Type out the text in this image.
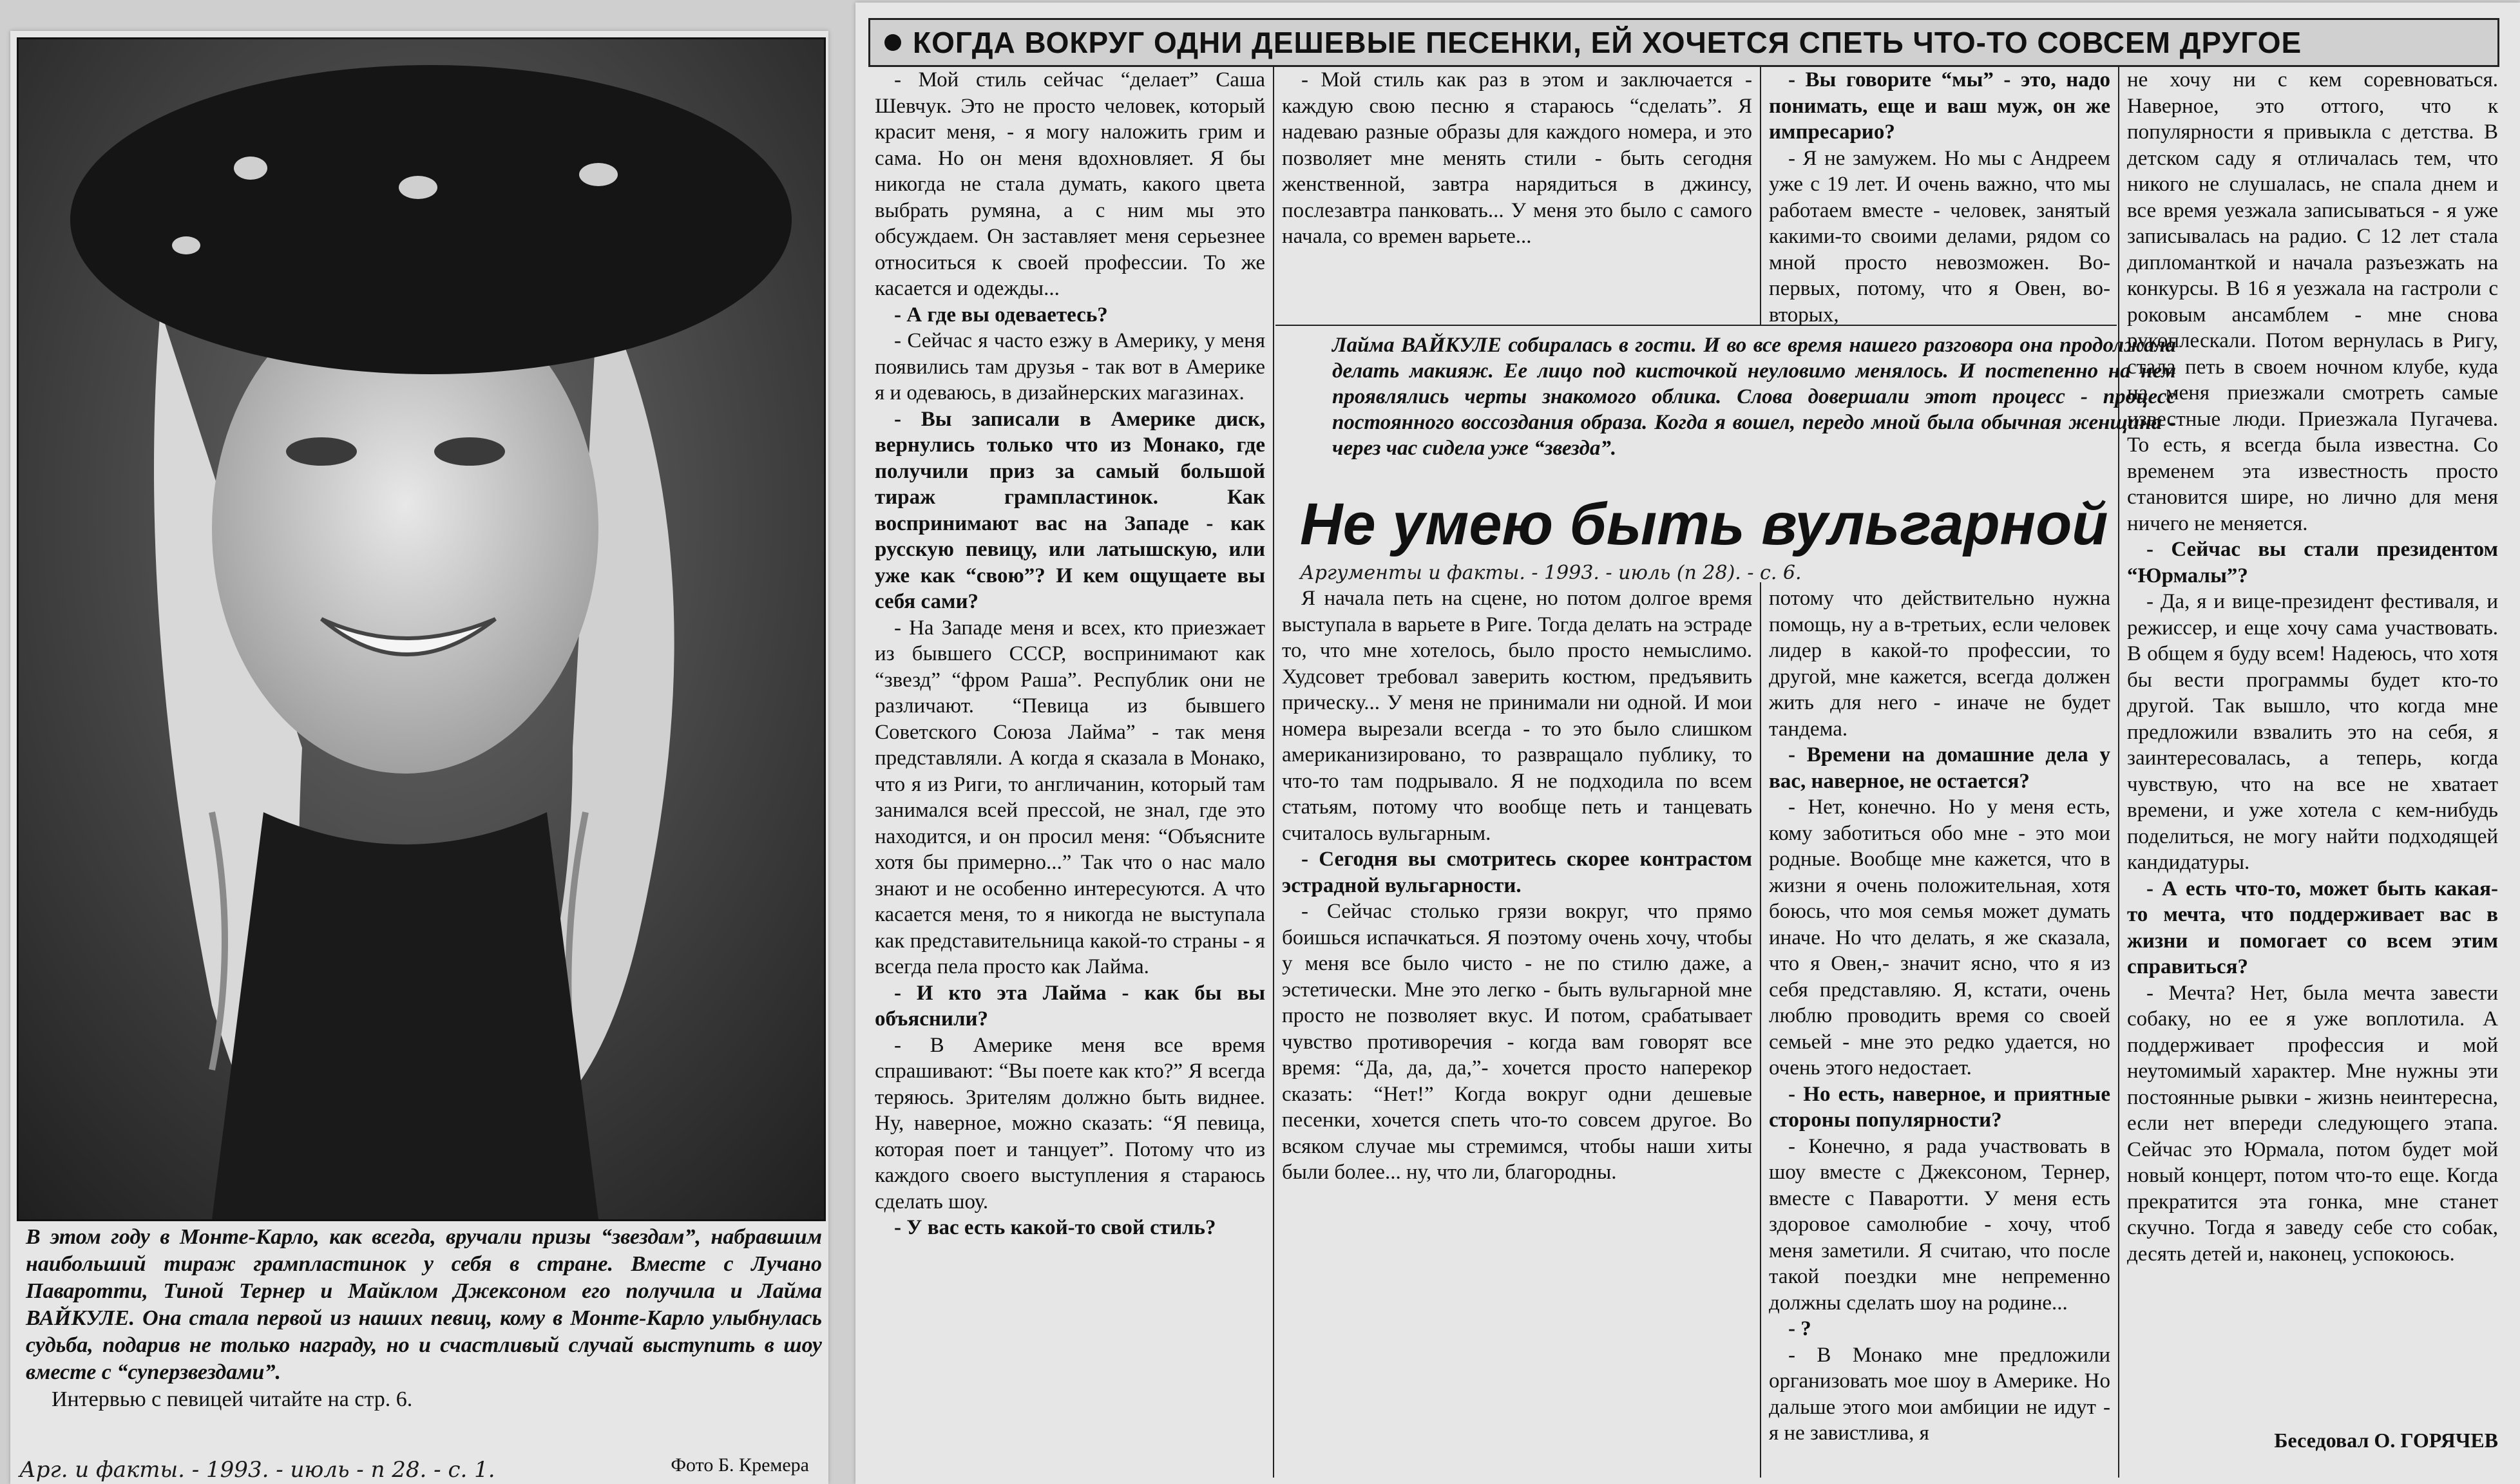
В этом году в Монте-Карло, как всегда, вручали призы “звездам”, набравшим наибольший тираж грампластинок у себя в стране. Вместе с Лучано Паваротти, Тиной Тернер и Майклом Джексоном его получила и Лайма ВАЙКУЛЕ. Она стала первой из наших певиц, кому в Монте-Карло улыбнулась судьба, подарив не только награду, но и счастливый случай выступить в шоу вместе с “суперзвездами”.
Интервью с певицей читайте на стр. 6.
Фото Б. Кремера
Арг. и факты. - 1993. - июль - n 28. - с. 1.
КОГДА ВОКРУГ ОДНИ ДЕШЕВЫЕ ПЕСЕНКИ, ЕЙ ХОЧЕТСЯ СПЕТЬ ЧТО-ТО СОВСЕМ ДРУГОЕ

- Мой стиль сейчас “делает” Саша Шевчук. Это не просто человек, который красит меня, - я могу наложить грим и сама. Но он меня вдохновляет. Я бы никогда не стала думать, какого цвета выбрать румяна, а с ним мы это обсуждаем. Он заставляет меня серьезнее относиться к своей профессии. То же касается и одежды...

- А где вы одеваетесь?

- Сейчас я часто езжу в Америку, у меня появились там друзья - так вот в Америке я и одеваюсь, в дизайнерских магазинах.

- Вы записали в Америке диск, вернулись только что из Монако, где получили приз за самый большой тираж грампластинок. Как воспринимают вас на Западе - как русскую певицу, или латышскую, или уже как “свою”? И кем ощущаете вы себя сами?

- На Западе меня и всех, кто приезжает из бывшего СССР, воспринимают как “звезд” “фром Раша”. Республик они не различают. “Певица из бывшего Советского Союза Лайма” - так меня представляли. А когда я сказала в Монако, что я из Риги, то англичанин, который там занимался всей прессой, не знал, где это находится, и он просил меня: “Объясните хотя бы примерно...” Так что о нас мало знают и не особенно интересуются. А что касается меня, то я никогда не выступала как представительница какой-то страны - я всегда пела просто как Лайма.

- И кто эта Лайма - как бы вы объяснили?

- В Америке меня все время спрашивают: “Вы поете как кто?” Я всегда теряюсь. Зрителям должно быть виднее. Ну, наверное, можно сказать: “Я певица, которая поет и танцует”. Потому что из каждого своего выступления я стараюсь сделать шоу.

- У вас есть какой-то свой стиль?

- Мой стиль как раз в этом и заключается - каждую свою песню я стараюсь “сделать”. Я надеваю разные образы для каждого номера, и это позволяет мне менять стили - быть сегодня женственной, завтра нарядиться в джинсу, послезавтра панковать... У меня это было с самого начала, со времен варьете...

- Вы говорите “мы” - это, надо понимать, еще и ваш муж, он же импресарио?

- Я не замужем. Но мы с Андреем уже с 19 лет. И очень важно, что мы работаем вместе - человек, занятый какими-то своими делами, рядом со мной просто невозможен. Во-первых, потому, что я Овен, во-вторых,

Лайма ВАЙКУЛЕ собиралась в гости. И во все время нашего разговора она продолжала делать макияж. Ее лицо под кисточкой неуловимо менялось. И постепенно на нем проявлялись черты знакомого облика. Слова довершали этот процесс - процесс постоянного воссоздания образа. Когда я вошел, передо мной была обычная женщина - через час сидела уже “звезда”.
Не умею быть вульгарной
Аргументы и факты. - 1993. - июль (n 28). - с. 6.

Я начала петь на сцене, но потом долгое время выступала в варьете в Риге. Тогда делать на эстраде то, что мне хотелось, было просто немыслимо. Худсовет требовал заверить костюм, предъявить прическу... У меня не принимали ни одной. И мои номера вырезали всегда - то это было слишком американизировано, то развращало публику, то что-то там подрывало. Я не подходила по всем статьям, потому что вообще петь и танцевать считалось вульгарным.

- Сегодня вы смотритесь скорее контрастом эстрадной вульгарности.

- Сейчас столько грязи вокруг, что прямо боишься испачкаться. Я поэтому очень хочу, чтобы у меня все было чисто - не по стилю даже, а эстетически. Мне это легко - быть вульгарной мне просто не позволяет вкус. И потом, срабатывает чувство противоречия - когда вам говорят все время: “Да, да, да,”- хочется просто наперекор сказать: “Нет!” Когда вокруг одни дешевые песенки, хочется спеть что-то совсем другое. Во всяком случае мы стремимся, чтобы наши хиты были более... ну, что ли, благородны.

потому что действительно нужна помощь, ну а в-третьих, если человек лидер в какой-то профессии, то другой, мне кажется, всегда должен жить для него - иначе не будет тандема.

- Времени на домашние дела у вас, наверное, не остается?

- Нет, конечно. Но у меня есть, кому заботиться обо мне - это мои родные. Вообще мне кажется, что в жизни я очень положительная, хотя боюсь, что моя семья может думать иначе. Но что делать, я же сказала, что я Овен,- значит ясно, что я из себя представляю. Я, кстати, очень люблю проводить время со своей семьей - мне это редко удается, но очень этого недостает.

- Но есть, наверное, и приятные стороны популярности?

- Конечно, я рада участвовать в шоу вместе с Джексоном, Тернер, вместе с Паваротти. У меня есть здоровое самолюбие - хочу, чтоб меня заметили. Я считаю, что после такой поездки мне непременно должны сделать шоу на родине...

- ?

- В Монако мне предложили организовать мое шоу в Америке. Но дальше этого мои амбиции не идут - я не завистлива, я

не хочу ни с кем соревноваться. Наверное, это оттого, что к популярности я привыкла с детства. В детском саду я отличалась тем, что никого не слушалась, не спала днем и все время уезжала записываться - я уже записывалась на радио. С 12 лет стала дипломанткой и начала разъезжать на конкурсы. В 16 я уезжала на гастроли с роковым ансамблем - мне снова рукоплескали. Потом вернулась в Ригу, стала петь в своем ночном клубе, куда на меня приезжали смотреть самые известные люди. Приезжала Пугачева. То есть, я всегда была известна. Со временем эта известность просто становится шире, но лично для меня ничего не меняется.

- Сейчас вы стали президентом “Юрмалы”?

- Да, я и вице-президент фестиваля, и режиссер, и еще хочу сама участвовать. В общем я буду всем! Надеюсь, что хотя бы вести программы будет кто-то другой. Так вышло, что когда мне предложили взвалить это на себя, я заинтересовалась, а теперь, когда чувствую, что на все не хватает времени, и уже хотела с кем-нибудь поделиться, не могу найти подходящей кандидатуры.

- А есть что-то, может быть какая-то мечта, что поддерживает вас в жизни и помогает со всем этим справиться?

- Мечта? Нет, была мечта завести собаку, но ее я уже воплотила. А поддерживает профессия и мой неутомимый характер. Мне нужны эти постоянные рывки - жизнь неинтересна, если нет впереди следующего этапа. Сейчас это Юрмала, потом будет мой новый концерт, потом что-то еще. Когда прекратится эта гонка, мне станет скучно. Тогда я заведу себе сто собак, десять детей и, наконец, успокоюсь.

Беседовал О. ГОРЯЧЕВ
